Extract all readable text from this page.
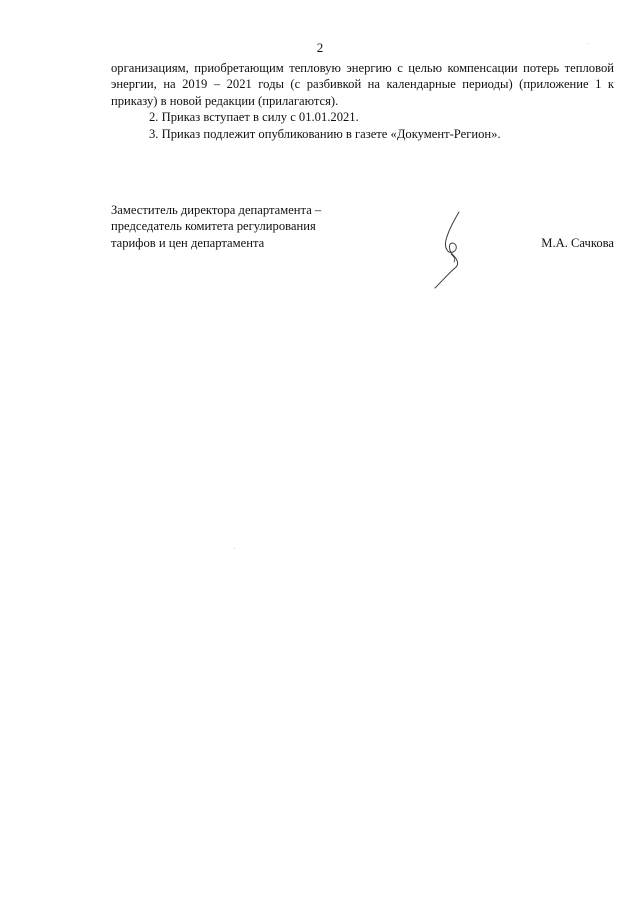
2

организациям, приобретающим тепловую энергию с целью компенсации потерь тепловой энергии, на 2019 – 2021 годы (с разбивкой на календарные периоды) (приложение 1 к приказу) в новой редакции (прилагаются).

2. Приказ вступает в силу с 01.01.2021.

3. Приказ подлежит опубликованию в газете «Документ-Регион».

Заместитель директора департамента –
председатель комитета регулирования
тарифов и цен департамента	М.А. Сачкова
